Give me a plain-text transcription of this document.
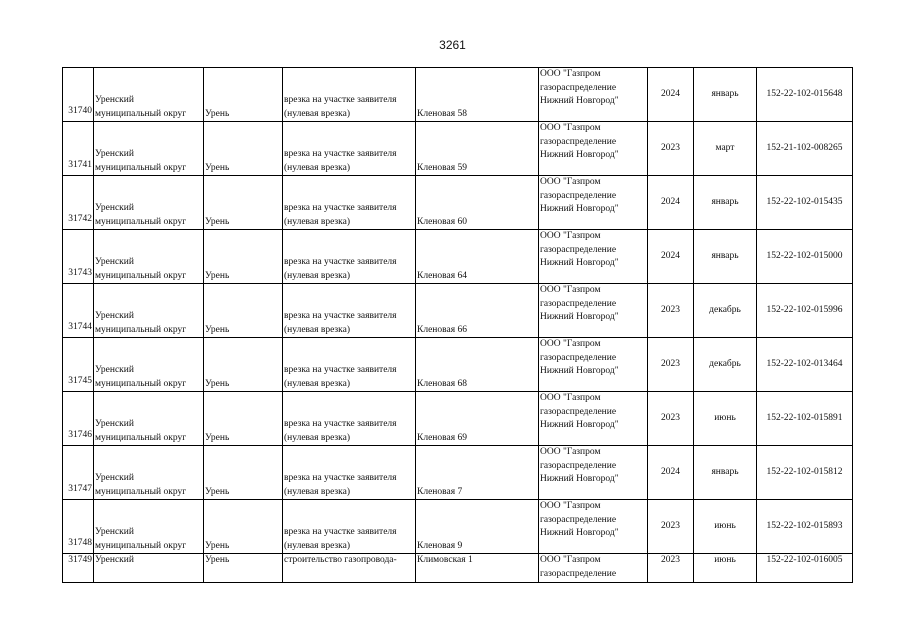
3261
31740	Уренский
муниципальный округ	Урень	врезка на участке заявителя
(нулевая врезка)	Кленовая 58	ООО "Газпром
газораспределение
Нижний Новгород"	2024	январь	152-22-102-015648
31741	Уренский
муниципальный округ	Урень	врезка на участке заявителя
(нулевая врезка)	Кленовая 59	ООО "Газпром
газораспределение
Нижний Новгород"	2023	март	152-21-102-008265
31742	Уренский
муниципальный округ	Урень	врезка на участке заявителя
(нулевая врезка)	Кленовая 60	ООО "Газпром
газораспределение
Нижний Новгород"	2024	январь	152-22-102-015435
31743	Уренский
муниципальный округ	Урень	врезка на участке заявителя
(нулевая врезка)	Кленовая 64	ООО "Газпром
газораспределение
Нижний Новгород"	2024	январь	152-22-102-015000
31744	Уренский
муниципальный округ	Урень	врезка на участке заявителя
(нулевая врезка)	Кленовая 66	ООО "Газпром
газораспределение
Нижний Новгород"	2023	декабрь	152-22-102-015996
31745	Уренский
муниципальный округ	Урень	врезка на участке заявителя
(нулевая врезка)	Кленовая 68	ООО "Газпром
газораспределение
Нижний Новгород"	2023	декабрь	152-22-102-013464
31746	Уренский
муниципальный округ	Урень	врезка на участке заявителя
(нулевая врезка)	Кленовая 69	ООО "Газпром
газораспределение
Нижний Новгород"	2023	июнь	152-22-102-015891
31747	Уренский
муниципальный округ	Урень	врезка на участке заявителя
(нулевая врезка)	Кленовая 7	ООО "Газпром
газораспределение
Нижний Новгород"	2024	январь	152-22-102-015812
31748	Уренский
муниципальный округ	Урень	врезка на участке заявителя
(нулевая врезка)	Кленовая 9	ООО "Газпром
газораспределение
Нижний Новгород"	2023	июнь	152-22-102-015893
31749	Уренский	Урень	строительство газопровода-	Климовская 1	ООО "Газпром
газораспределение	2023	июнь	152-22-102-016005
